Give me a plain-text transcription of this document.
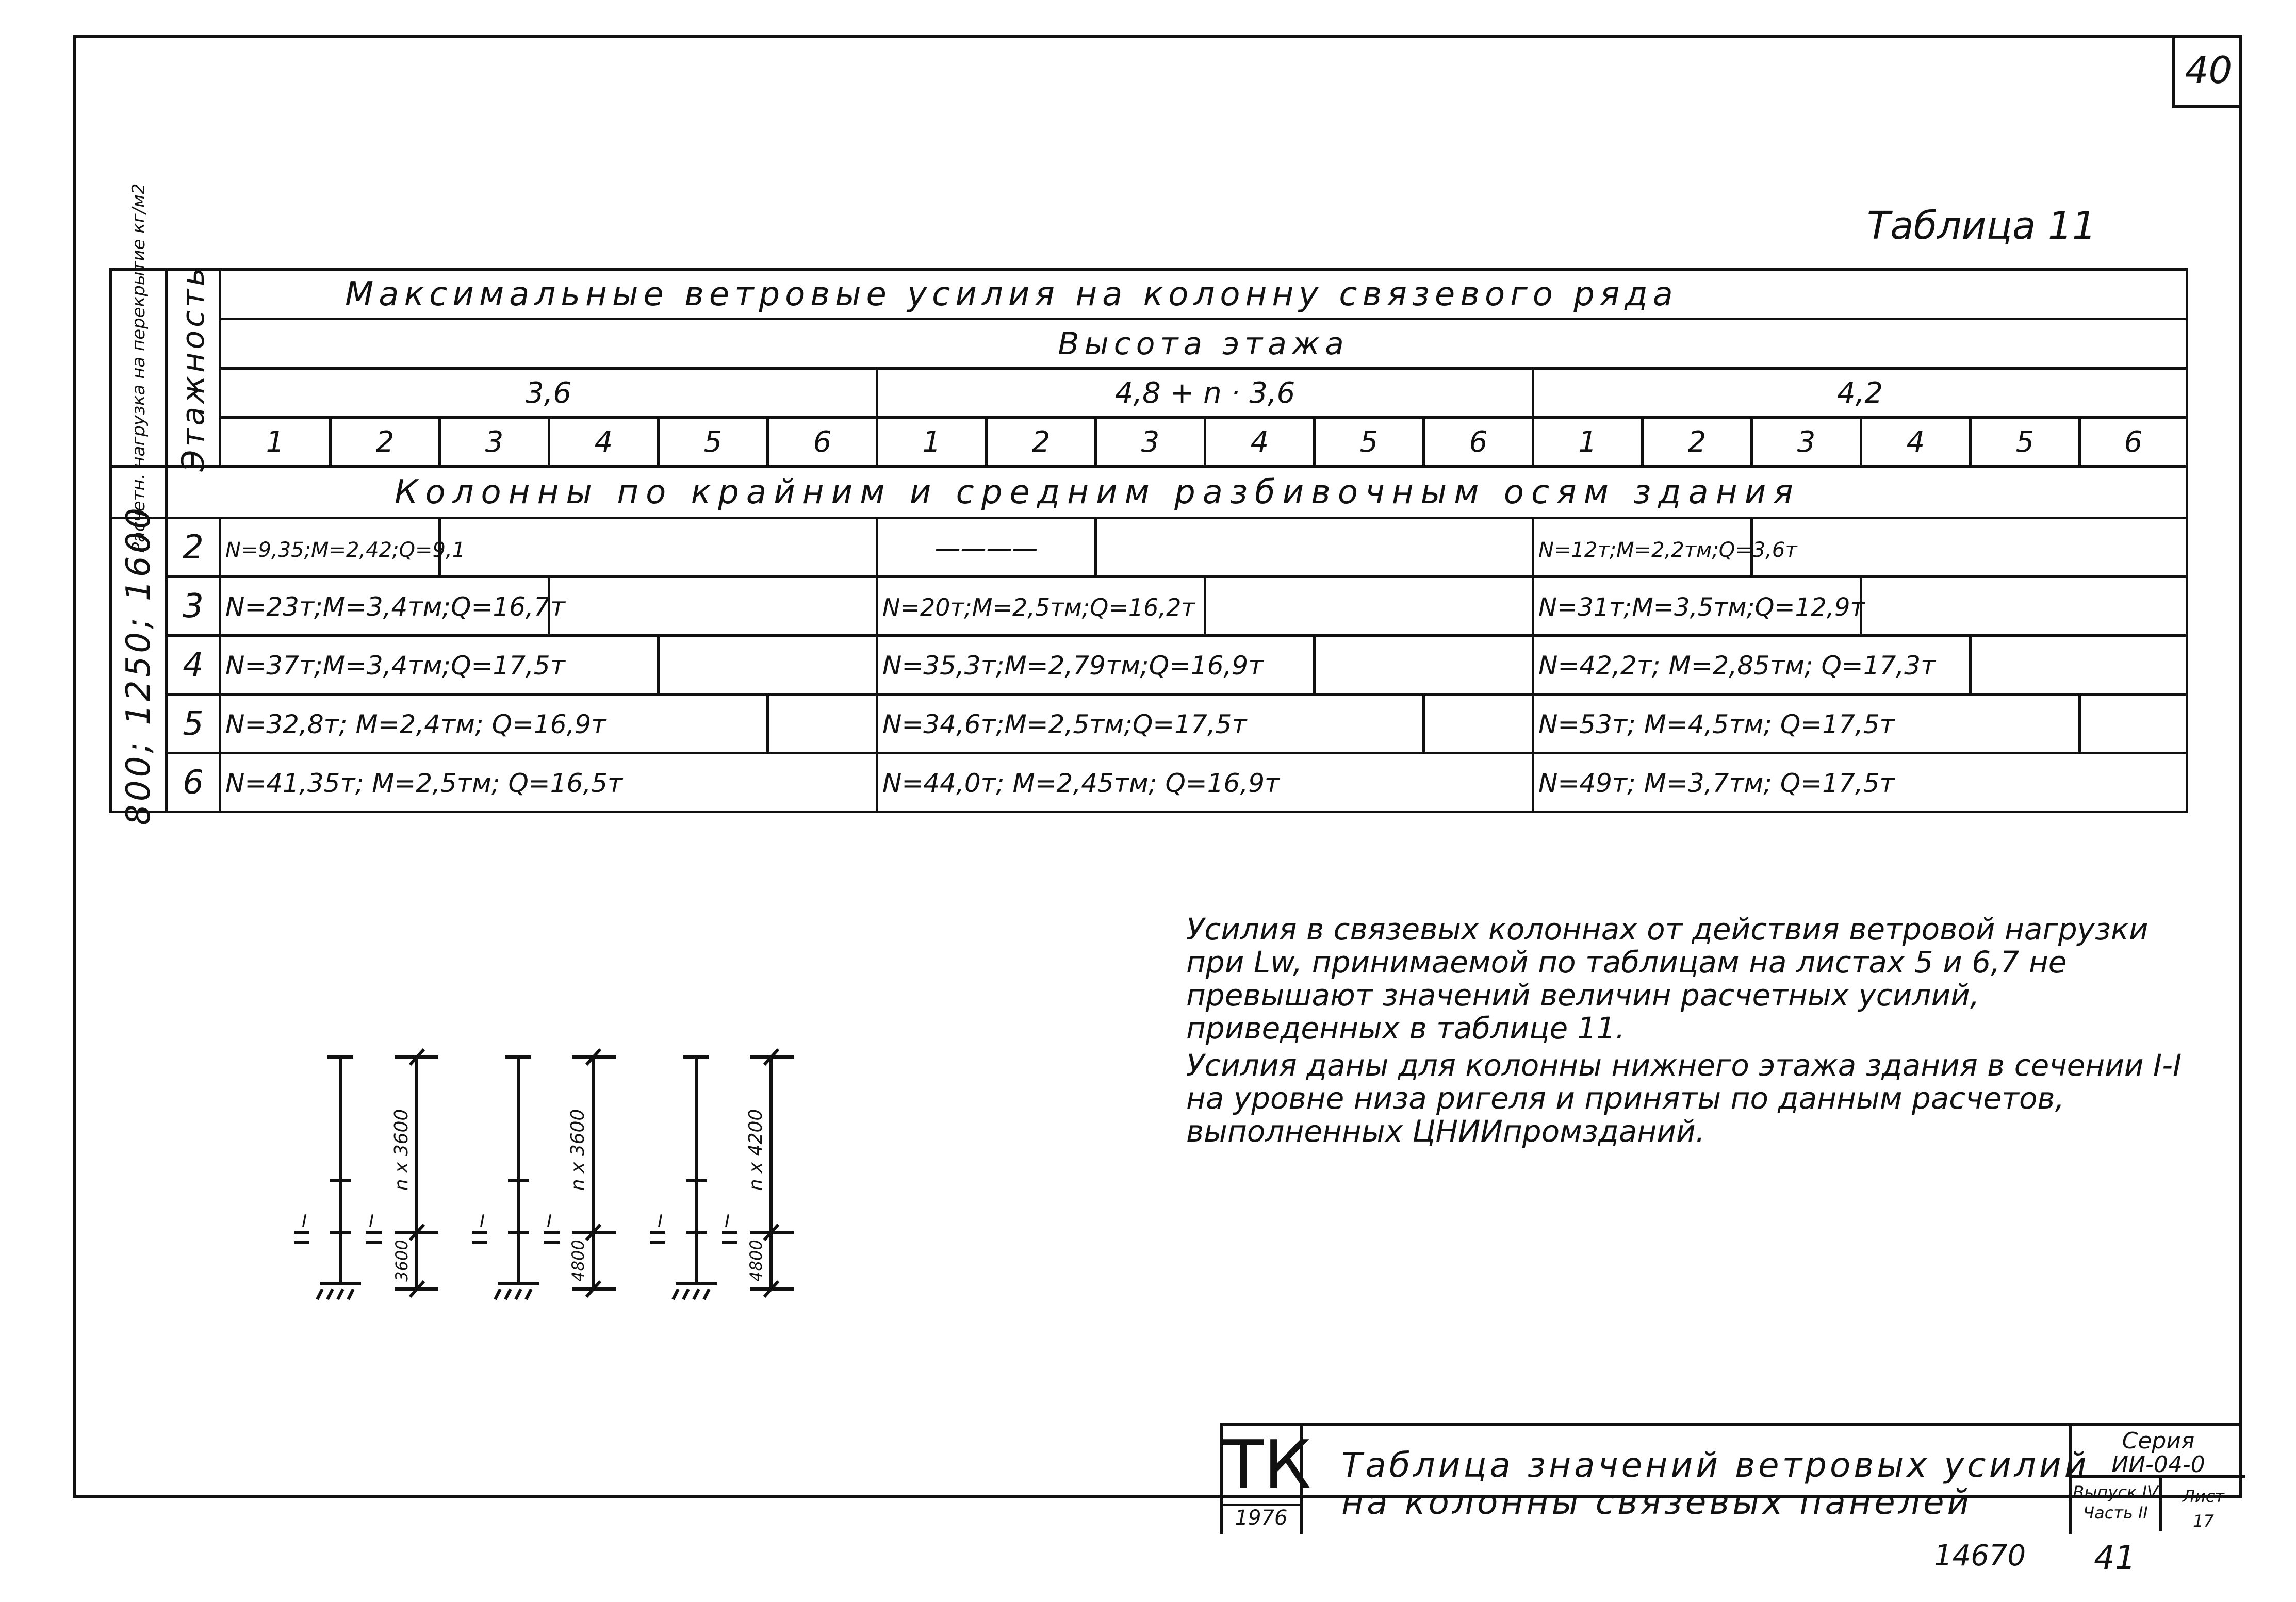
40
Таблица 11
Расчетн. нагрузка на перекрытие кг/м2	Этажность	Максимальные ветровые усилия на колонну связевого ряда																	
		Высота этажа																	
		3,6						4,8 + n · 3,6						4,2					
		1	2	3	4	5	6	1	2	3	4	5	6	1	2	3	4	5	6
	Колонны по крайним и средним разбивочным осям здания																		

800; 1250; 1600	2	N=9,35;M=2,42;Q=9,1						————						N=12т;M=2,2тм;Q=3,6т					
	3	N=23т;M=3,4тм;Q=16,7т						N=20т;M=2,5тм;Q=16,2т						N=31т;M=3,5тм;Q=12,9т					
	4	N=37т;M=3,4тм;Q=17,5т						N=35,3т;M=2,79тм;Q=16,9т						N=42,2т; M=2,85тм; Q=17,3т					
	5	N=32,8т; M=2,4тм; Q=16,9т						N=34,6т;M=2,5тм;Q=17,5т						N=53т; M=4,5тм; Q=17,5т					
	6	N=41,35т; M=2,5тм; Q=16,5т						N=44,0т; M=2,45тм; Q=16,9т						N=49т; M=3,7тм; Q=17,5т					
Усилия в связевых колоннах от действия ветровой нагрузки при Lw, принимаемой по таблицам на листах 5 и 6,7 не превышают значений величин расчетных усилий, приведенных в таблице 11.
Усилия даны для колонны нижнего этажа здания в сечении I-I на уровне низа ригеля и приняты по данным расчетов, выполненных ЦНИИпромзданий.
I	I
n x 3600
3600
I	I
n x 3600
4800
I	I
n x 4200
4800
ТК
1976
Таблица значений ветровых усилий
на колонны связевых панелей
Серия
ИИ-04-0
Выпуск IV Часть II
Лист
17
14670 41
